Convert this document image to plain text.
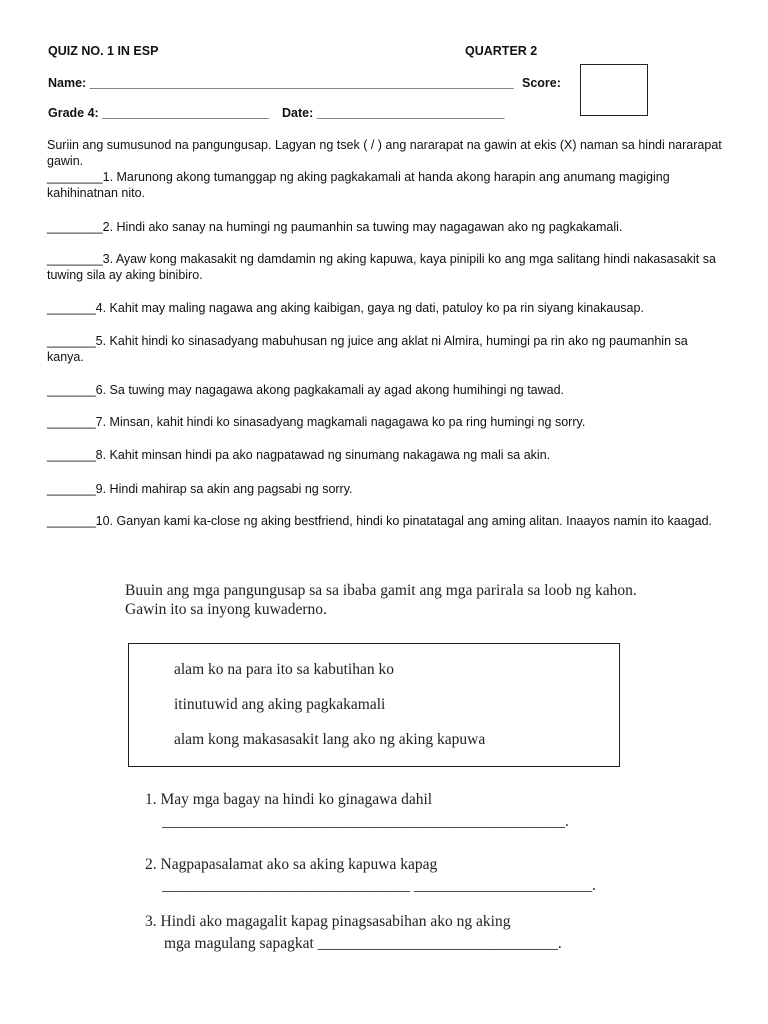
QUIZ NO. 1 IN ESP	QUARTER 2
Name: _____________________________________________________________ Score:
Grade 4: ________________________ Date: ___________________________
Suriin ang sumusunod na pangungusap. Lagyan ng tsek ( / ) ang nararapat na gawin at ekis (X) naman sa hindi nararapat gawin.
________1. Marunong akong tumanggap ng aking pagkakamali at handa akong harapin ang anumang magiging kahihinatnan nito.
________2. Hindi ako sanay na humingi ng paumanhin sa tuwing may nagagawan ako ng pagkakamali.
________3. Ayaw kong makasakit ng damdamin ng aking kapuwa, kaya pinipili ko ang mga salitang hindi nakasasakit sa tuwing sila ay aking binibiro.
_______4. Kahit may maling nagawa ang aking kaibigan, gaya ng dati, patuloy ko pa rin siyang kinakausap.
_______5. Kahit hindi ko sinasadyang mabuhusan ng juice ang aklat ni Almira, humingi pa rin ako ng paumanhin sa kanya.
_______6. Sa tuwing may nagagawa akong pagkakamali ay agad akong humihingi ng tawad.
_______7. Minsan, kahit hindi ko sinasadyang magkamali nagagawa ko pa ring humingi ng sorry.
_______8. Kahit minsan hindi pa ako nagpatawad ng sinumang nakagawa ng mali sa akin.
_______9. Hindi mahirap sa akin ang pagsabi ng sorry.
_______10. Ganyan kami ka-close ng aking bestfriend, hindi ko pinatatagal ang aming alitan. Inaayos namin ito kaagad.
Buuin ang mga pangungusap sa sa ibaba gamit ang mga parirala sa loob ng kahon. Gawin ito sa inyong kuwaderno.
alam ko na para ito sa kabutihan ko
itinutuwid ang aking pagkakamali
alam kong makasasakit lang ako ng aking kapuwa
1. May mga bagay na hindi ko ginagawa dahil
____________________________________________________.
2. Nagpapasalamat ako sa aking kapuwa kapag
________________________________ _______________________.
3. Hindi ako magagalit kapag pinagsasabihan ako ng aking
mga magulang sapagkat _______________________________.
